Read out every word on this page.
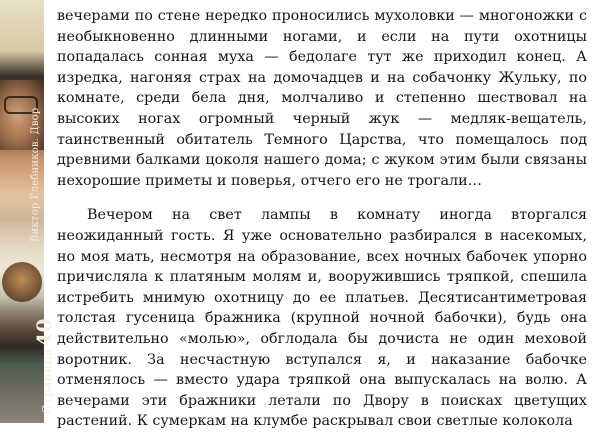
Виктор Глебников. Двор
Страница40

вечерами по стене нередко проносились мухоловки — многоножки с необыкновенно длинными ногами, и если на пути охотницы попадалась сонная муха — бедолаге тут же приходил конец. А изредка, нагоняя страх на домочадцев и на собачонку Жульку, по комнате, среди бела дня, молчаливо и степенно шествовал на высоких ногах огромный черный жук — медляк-вещатель, таинственный обитатель Темного Царства, что помещалось под древними балками цоколя нашего дома; с жуком этим были связаны нехорошие приметы и поверья, отчего его не трогали…

Вечером на свет лампы в комнату иногда вторгался неожиданный гость. Я уже основательно разбирался в насекомых, но моя мать, несмотря на образование, всех ночных бабочек упорно причисляла к платяным молям и, вооружившись тряпкой, спешила истребить мнимую охотницу до ее платьев. Десятисантиметровая толстая гусеница бражника (крупной ночной бабочки), будь она действительно «молью», обглодала бы дочиста не один меховой воротник. За несчастную вступался я, и наказание бабочке отменялось — вместо удара тряпкой она выпускалась на волю. А вечерами эти бражники летали по Двору в поисках цветущих растений. К сумеркам на клумбе раскрывал свои светлые колокола
